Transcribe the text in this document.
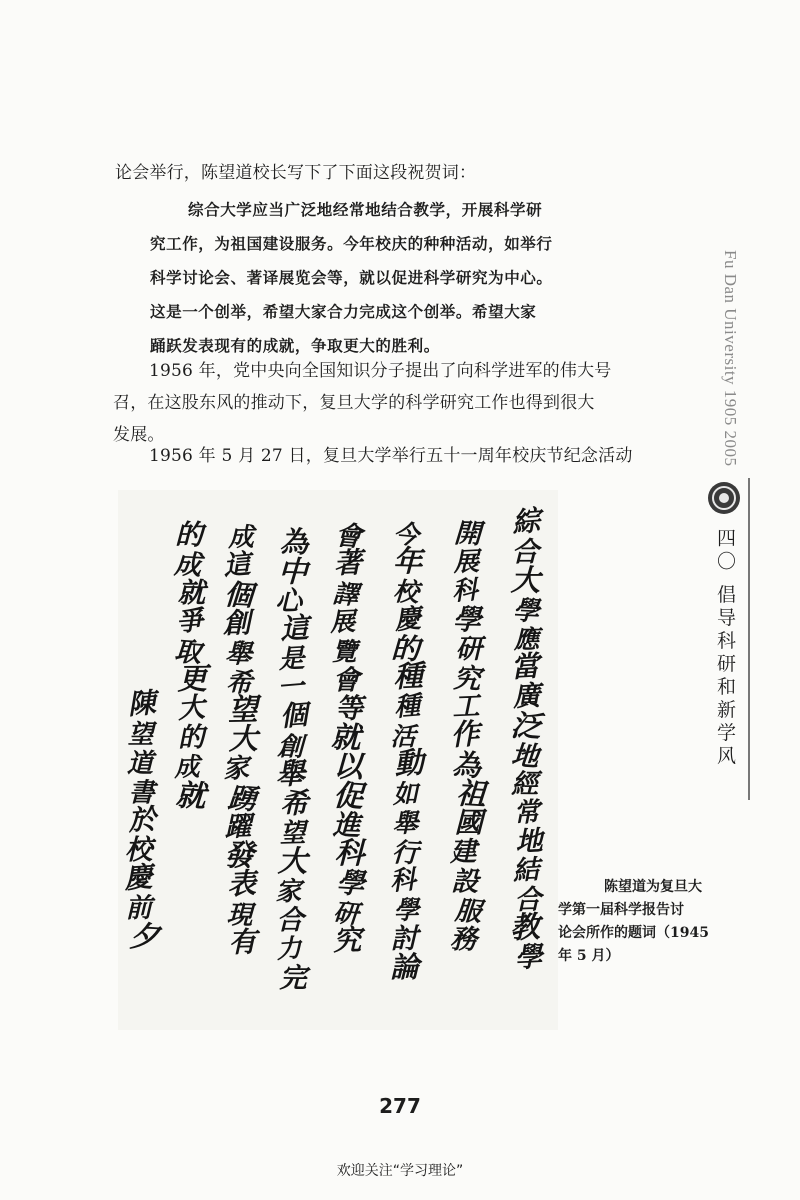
论会举行，陈望道校长写下了下面这段祝贺词：
综合大学应当广泛地经常地结合教学，开展科学研
究工作，为祖国建设服务。今年校庆的种种活动，如举行
科学讨论会、著译展览会等，就以促进科学研究为中心。
这是一个创举，希望大家合力完成这个创举。希望大家
踊跃发表现有的成就，争取更大的胜利。
1956 年，党中央向全国知识分子提出了向科学进军的伟大号
召，在这股东风的推动下，复旦大学的科学研究工作也得到很大
发展。
1956 年 5 月 27 日，复旦大学举行五十一周年校庆节纪念活动
綜
合
大
學
應
當
廣
泛
地
經
常
地
結
合
教
學
開
展
科
學
研
究
工
作
為
祖
國
建
設
服
務
今
年
校
慶
的
種
種
活
動
如
舉
行
科
學
討
論
會
著
譯
展
覽
會
等
就
以
促
進
科
學
研
究
為
中
心
這
是
一
個
創
舉
希
望
大
家
合
力
完
成
這
個
創
舉
希
望
大
家
踴
躍
發
表
現
有
的
成
就
爭
取
更
大
的
成
就
陳
望
道
書
於
校
慶
前
夕
陈望道为复旦大
学第一届科学报告讨
论会所作的题词（1945
年 5 月）
Fu Dan University 1905 2005
四〇 倡导科研和新学风
277
欢迎关注“学习理论”
